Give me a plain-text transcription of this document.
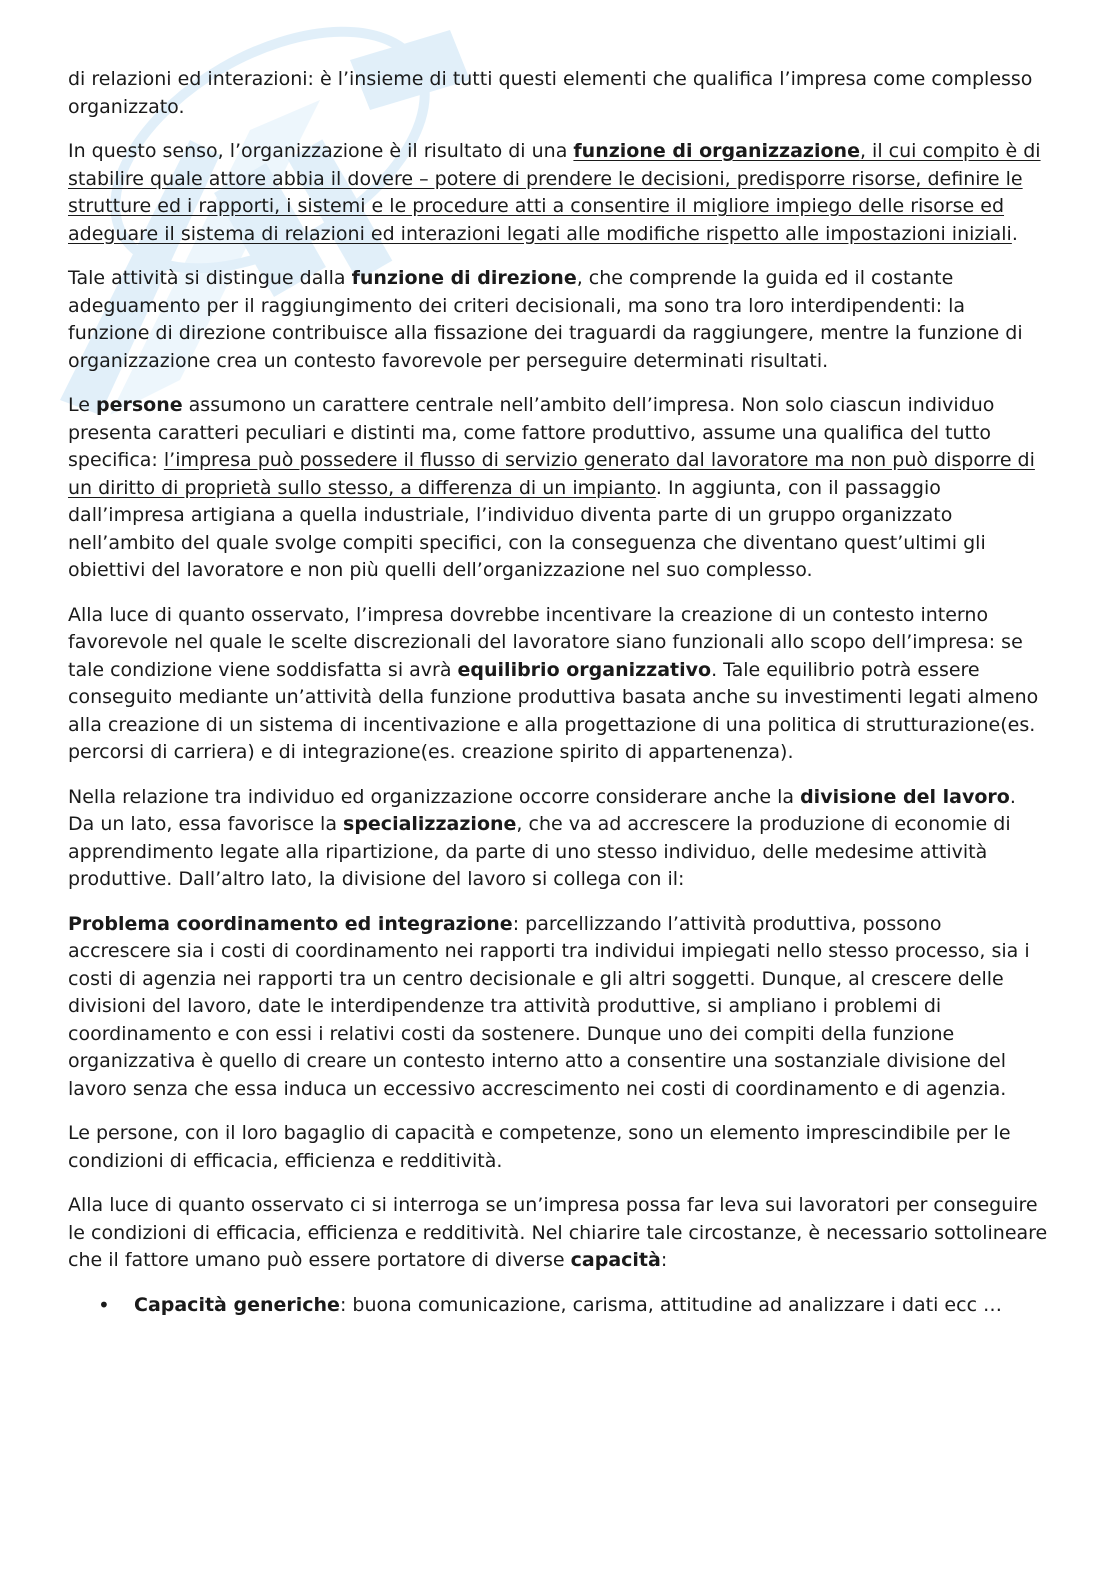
di relazioni ed interazioni: è l’insieme di tutti questi elementi che qualifica l’impresa come complesso organizzato.

In questo senso, l’organizzazione è il risultato di una funzione di organizzazione, il cui compito è di stabilire quale attore abbia il dovere – potere di prendere le decisioni, predisporre risorse, definire le strutture ed i rapporti, i sistemi e le procedure atti a consentire il migliore impiego delle risorse ed adeguare il sistema di relazioni ed interazioni legati alle modifiche rispetto alle impostazioni iniziali.

Tale attività si distingue dalla funzione di direzione, che comprende la guida ed il costante adeguamento per il raggiungimento dei criteri decisionali, ma sono tra loro interdipendenti: la funzione di direzione contribuisce alla fissazione dei traguardi da raggiungere, mentre la funzione di organizzazione crea un contesto favorevole per perseguire determinati risultati.

Le persone assumono un carattere centrale nell’ambito dell’impresa. Non solo ciascun individuo presenta caratteri peculiari e distinti ma, come fattore produttivo, assume una qualifica del tutto specifica: l’impresa può possedere il flusso di servizio generato dal lavoratore ma non può disporre di un diritto di proprietà sullo stesso, a differenza di un impianto. In aggiunta, con il passaggio dall’impresa artigiana a quella industriale, l’individuo diventa parte di un gruppo organizzato nell’ambito del quale svolge compiti specifici, con la conseguenza che diventano quest’ultimi gli obiettivi del lavoratore e non più quelli dell’organizzazione nel suo complesso.

Alla luce di quanto osservato, l’impresa dovrebbe incentivare la creazione di un contesto interno favorevole nel quale le scelte discrezionali del lavoratore siano funzionali allo scopo dell’impresa: se tale condizione viene soddisfatta si avrà equilibrio organizzativo. Tale equilibrio potrà essere conseguito mediante un’attività della funzione produttiva basata anche su investimenti legati almeno alla creazione di un sistema di incentivazione e alla progettazione di una politica di strutturazione(es. percorsi di carriera) e di integrazione(es. creazione spirito di appartenenza).

Nella relazione tra individuo ed organizzazione occorre considerare anche la divisione del lavoro. Da un lato, essa favorisce la specializzazione, che va ad accrescere la produzione di economie di apprendimento legate alla ripartizione, da parte di uno stesso individuo, delle medesime attività produttive. Dall’altro lato, la divisione del lavoro si collega con il:

Problema coordinamento ed integrazione: parcellizzando l’attività produttiva, possono accrescere sia i costi di coordinamento nei rapporti tra individui impiegati nello stesso processo, sia i costi di agenzia nei rapporti tra un centro decisionale e gli altri soggetti. Dunque, al crescere delle divisioni del lavoro, date le interdipendenze tra attività produttive, si ampliano i problemi di coordinamento e con essi i relativi costi da sostenere. Dunque uno dei compiti della funzione organizzativa è quello di creare un contesto interno atto a consentire una sostanziale divisione del lavoro senza che essa induca un eccessivo accrescimento nei costi di coordinamento e di agenzia.

Le persone, con il loro bagaglio di capacità e competenze, sono un elemento imprescindibile per le condizioni di efficacia, efficienza e redditività.

Alla luce di quanto osservato ci si interroga se un’impresa possa far leva sui lavoratori per conseguire le condizioni di efficacia, efficienza e redditività. Nel chiarire tale circostanze, è necessario sottolineare che il fattore umano può essere portatore di diverse capacità:

• Capacità generiche: buona comunicazione, carisma, attitudine ad analizzare i dati ecc …
